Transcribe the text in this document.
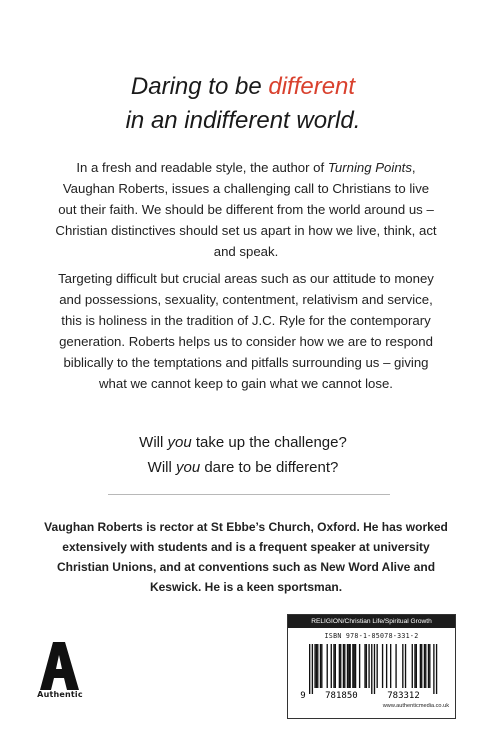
Daring to be different
in an indifferent world.

In a fresh and readable style, the author of Turning Points, Vaughan Roberts, issues a challenging call to Christians to live out their faith. We should be different from the world around us – Christian distinctives should set us apart in how we live, think, act and speak.

Targeting difficult but crucial areas such as our attitude to money and possessions, sexuality, contentment, relativism and service, this is holiness in the tradition of J.C. Ryle for the contemporary generation. Roberts helps us to consider how we are to respond biblically to the temptations and pitfalls surrounding us – giving what we cannot keep to gain what we cannot lose.

Will you take up the challenge?
Will you dare to be different?

Vaughan Roberts is rector at St Ebbe’s Church, Oxford. He has worked extensively with students and is a frequent speaker at university Christian Unions, and at conventions such as New Word Alive and Keswick. He is a keen sportsman.

Authentic
RELIGION/Christian Life/Spiritual Growth
ISBN 978-1-85078-331-2
9 781850	783312
www.authenticmedia.co.uk
